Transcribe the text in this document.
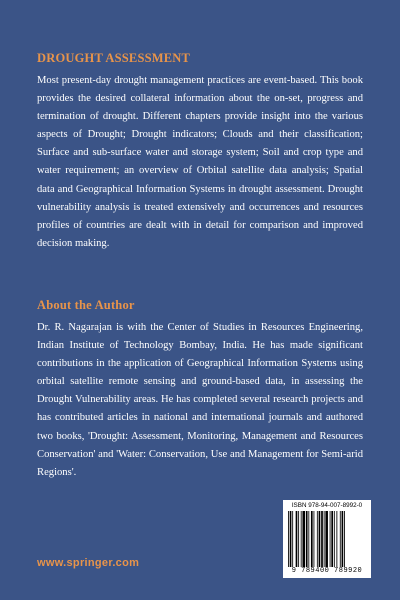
DROUGHT ASSESSMENT
Most present-day drought management practices are event-based. This book provides the desired collateral information about the on-set, progress and termination of drought. Different chapters provide insight into the various aspects of Drought; Drought indicators; Clouds and their classification; Surface and sub-surface water and storage system; Soil and crop type and water requirement; an overview of Orbital satellite data analysis; Spatial data and Geographical Information Systems in drought assessment. Drought vulnerability analysis is treated extensively and occurrences and resources profiles of countries are dealt with in detail for comparison and improved decision making.
About the Author
Dr. R. Nagarajan is with the Center of Studies in Resources Engineering, Indian Institute of Technology Bombay, India. He has made significant contributions in the application of Geographical Information Systems using orbital satellite remote sensing and ground-based data, in assessing the Drought Vulnerability areas. He has completed several research projects and has contributed articles in national and international journals and authored two books, 'Drought: Assessment, Monitoring, Management and Resources Conservation' and 'Water: Conservation, Use and Management for Semi-arid Regions'.
www.springer.com
ISBN 978-94-007-8992-0
9 789400 789920
